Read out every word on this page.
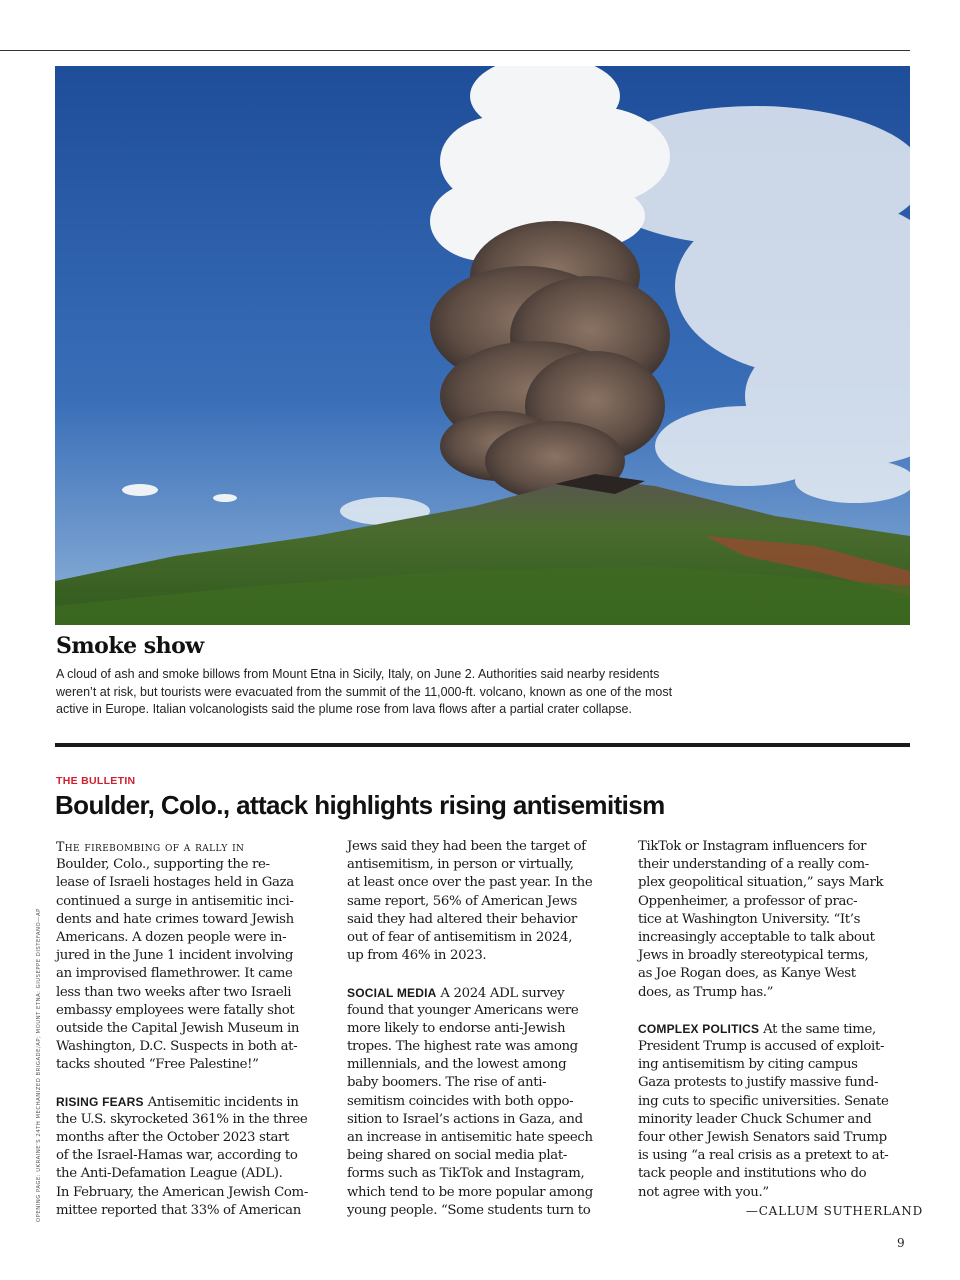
Smoke show

A cloud of ash and smoke billows from Mount Etna in Sicily, Italy, on June 2. Authorities said nearby residents
weren’t at risk, but tourists were evacuated from the summit of the 11,000-ft. volcano, known as one of the most
active in Europe. Italian volcanologists said the plume rose from lava flows after a partial crater collapse.

THE BULLETIN
Boulder, Colo., attack highlights rising antisemitism
OPENING PAGE: UKRAINE’S 24TH MECHANIZED BRIGADE/AP; MOUNT ETNA: GIUSEPPE DISTEFANO—AP
The firebombing of a rally in
Boulder, Colo., supporting the re-
lease of Israeli hostages held in Gaza
continued a surge in antisemitic inci-
dents and hate crimes toward Jewish
Americans. A dozen people were in-
jured in the June 1 incident involving
an improvised flamethrower. It came
less than two weeks after two Israeli
embassy employees were fatally shot
outside the Capital Jewish Museum in
Washington, D.C. Suspects in both at-
tacks shouted “Free Palestine!”
RISING FEARS Antisemitic incidents in
the U.S. skyrocketed 361% in the three
months after the October 2023 start
of the Israel-Hamas war, according to
the Anti-Defamation League (ADL).
In February, the American Jewish Com-
mittee reported that 33% of American
Jews said they had been the target of
antisemitism, in person or virtually,
at least once over the past year. In the
same report, 56% of American Jews
said they had altered their behavior
out of fear of antisemitism in 2024,
up from 46% in 2023.
SOCIAL MEDIA A 2024 ADL survey
found that younger Americans were
more likely to endorse anti-Jewish
tropes. The highest rate was among
millennials, and the lowest among
baby boomers. The rise of anti-
semitism coincides with both oppo-
sition to Israel’s actions in Gaza, and
an increase in antisemitic hate speech
being shared on social media plat-
forms such as TikTok and Instagram,
which tend to be more popular among
young people. “Some students turn to
TikTok or Instagram influencers for
their understanding of a really com-
plex geopolitical situation,” says Mark
Oppenheimer, a professor of prac-
tice at Washington University. “It’s
increasingly acceptable to talk about
Jews in broadly stereotypical terms,
as Joe Rogan does, as Kanye West
does, as Trump has.”
COMPLEX POLITICS At the same time,
President Trump is accused of exploit-
ing antisemitism by citing campus
Gaza protests to justify massive fund-
ing cuts to specific universities. Senate
minority leader Chuck Schumer and
four other Jewish Senators said Trump
is using “a real crisis as a pretext to at-
tack people and institutions who do
not agree with you.”
—CALLUM SUTHERLAND
9
